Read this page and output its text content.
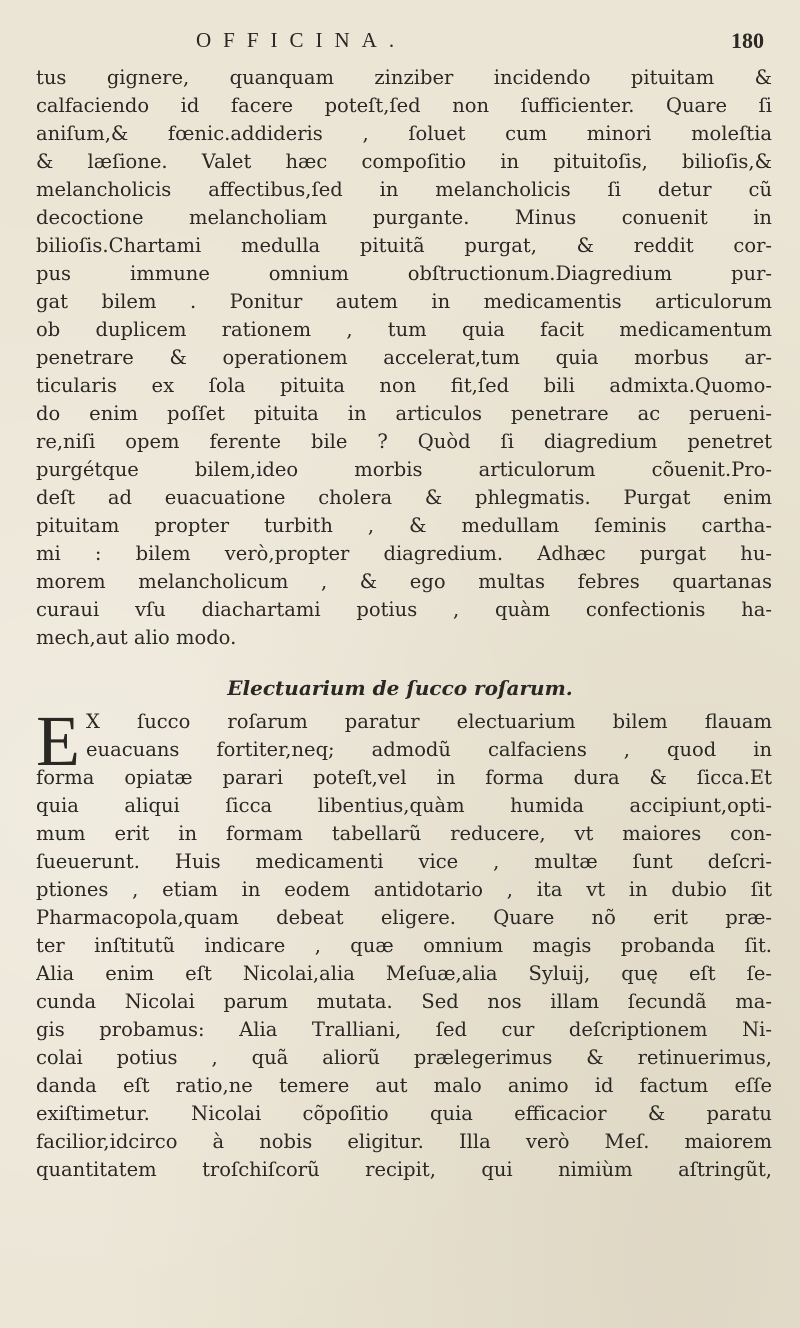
OFFICINA.	180
tus gignere, quanquam zinziber incidendo pituitam &
calfaciendo id facere poteſt,ſed non ſufficienter. Quare ſi
aniſum,& fœnic.addideris , ſoluet cum minori moleſtia
& læſione. Valet hæc compoſitio in pituitoſis, bilioſis,&
melancholicis affectibus,ſed in melancholicis ſi detur cũ
decoctione melancholiam purgante. Minus conuenit in
bilioſis.Chartami medulla pituitã purgat, & reddit cor-
pus immune omnium obſtructionum.Diagredium pur-
gat bilem . Ponitur autem in medicamentis articulorum
ob duplicem rationem , tum quia facit medicamentum
penetrare & operationem accelerat,tum quia morbus ar-
ticularis ex ſola pituita non fit,ſed bili admixta.Quomo-
do enim poſſet pituita in articulos penetrare ac perueni-
re,niſi opem ferente bile ? Quòd ſi diagredium penetret
purgétque bilem,ideo morbis articulorum cõuenit.Pro-
deſt ad euacuatione cholera & phlegmatis. Purgat enim
pituitam propter turbith , & medullam ſeminis cartha-
mi : bilem verò,propter diagredium. Adhæc purgat hu-
morem melancholicum , & ego multas febres quartanas
curaui vſu diachartami potius , quàm confectionis ha-
mech,aut alio modo.
Electuarium de ſucco roſarum.
E X ſucco roſarum paratur electuarium bilem flauam
euacuans fortiter,neq; admodũ calfaciens , quod in
forma opiatæ parari poteſt,vel in forma dura & ſicca.Et
quia aliqui ſicca libentius,quàm humida accipiunt,opti-
mum erit in formam tabellarũ reducere, vt maiores con-
ſueuerunt. Huis medicamenti vice , multæ ſunt deſcri-
ptiones , etiam in eodem antidotario , ita vt in dubio ſit
Pharmacopola,quam debeat eligere. Quare nõ erit præ-
ter inſtitutũ indicare , quæ omnium magis probanda ſit.
Alia enim eſt Nicolai,alia Meſuæ,alia Syluij, quę eſt ſe-
cunda Nicolai parum mutata. Sed nos illam ſecundã ma-
gis probamus: Alia Tralliani, ſed cur deſcriptionem Ni-
colai potius , quã aliorũ prælegerimus & retinuerimus,
danda eſt ratio,ne temere aut malo animo id factum eſſe
exiſtimetur. Nicolai cõpoſitio quia efficacior & paratu
facilior,idcirco à nobis eligitur. Illa verò Meſ. maiorem
quantitatem troſchiſcorũ recipit, qui nimiùm aſtringũt,
